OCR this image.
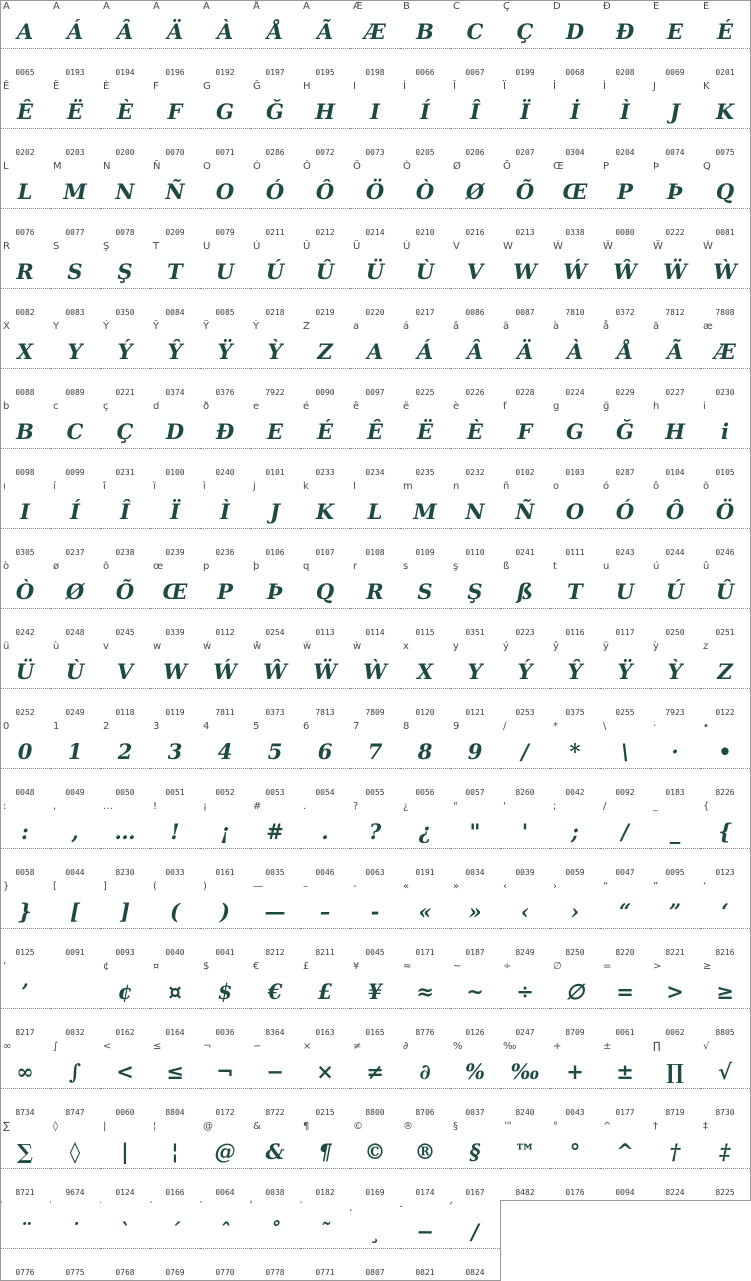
A
A
0065
Á
Á
0193
Â
Â
0194
Ä
Ä
0196
À
À
0192
Å
Å
0197
Ã
Ã
0195
Æ
Æ
0198
B
B
0066
C
C
0067
Ç
Ç
0199
D
D
0068
Ð
Ð
0208
E
E
0069
É
É
0201
Ê
Ê
0202
Ë
Ë
0203
È
È
0200
F
F
0070
G
G
0071
Ğ
Ğ
0286
H
H
0072
I
I
0073
Í
Í
0205
Î
Î
0206
Ï
Ï
0207
İ
İ
0304
Ì
Ì
0204
J
J
0074
K
K
0075
L
L
0076
M
M
0077
N
N
0078
Ñ
Ñ
0209
O
O
0079
Ó
Ó
0211
Ô
Ô
0212
Ö
Ö
0214
Ò
Ò
0210
Ø
Ø
0216
Õ
Õ
0213
Œ
Œ
0338
P
P
0080
Þ
Þ
0222
Q
Q
0081
R
R
0082
S
S
0083
Ş
Ş
0350
T
T
0084
U
U
0085
Ú
Ú
0218
Û
Û
0219
Ü
Ü
0220
Ù
Ù
0217
V
V
0086
W
W
0087
Ẃ
Ẃ
7810
Ŵ
Ŵ
0372
Ẅ
Ẅ
7812
Ẁ
Ẁ
7808
X
X
0088
Y
Y
0089
Ý
Ý
0221
Ŷ
Ŷ
0374
Ÿ
Ÿ
0376
Ỳ
Ỳ
7922
Z
Z
0090
a
A
0097
á
Á
0225
â
Â
0226
ä
Ä
0228
à
À
0224
å
Å
0229
ã
Ã
0227
æ
Æ
0230
b
B
0098
c
C
0099
ç
Ç
0231
d
D
0100
ð
Ð
0240
e
E
0101
é
É
0233
ê
Ê
0234
ë
Ë
0235
è
È
0232
f
F
0102
g
G
0103
ğ
Ğ
0287
h
H
0104
i
i
0105
ı
I
0305
í
Í
0237
î
Î
0238
ï
Ï
0239
ì
Ì
0236
j
J
0106
k
K
0107
l
L
0108
m
M
0109
n
N
0110
ñ
Ñ
0241
o
O
0111
ó
Ó
0243
ô
Ô
0244
ö
Ö
0246
ò
Ò
0242
ø
Ø
0248
õ
Õ
0245
œ
Œ
0339
p
P
0112
þ
Þ
0254
q
Q
0113
r
R
0114
s
S
0115
ş
Ş
0351
ß
ß
0223
t
T
0116
u
U
0117
ú
Ú
0250
û
Û
0251
ü
Ü
0252
ù
Ù
0249
v
V
0118
w
W
0119
ẃ
Ẃ
7811
ŵ
Ŵ
0373
ẅ
Ẅ
7813
ẁ
Ẁ
7809
x
X
0120
y
Y
0121
ý
Ý
0253
ŷ
Ŷ
0375
ÿ
Ÿ
0255
ỳ
Ỳ
7923
z
Z
0122
0
0
0048
1
1
0049
2
2
0050
3
3
0051
4
4
0052
5
5
0053
6
6
0054
7
7
0055
8
8
0056
9
9
0057
/
/
8260
*
*
0042
\
\
0092
·
·
0183
•
•
8226
:
:
0058
,
,
0044
…
…
8230
!
!
0033
¡
¡
0161
#
#
0035
.
.
0046
?
?
0063
¿
¿
0191
"
"
0034
'
'
0039
;
;
0059
/
/
0047
_
_
0095
{
{
0123
}
}
0125
[
[
0091
]
]
0093
(
(
0040
)
)
0041
—
—
8212
–
–
8211
-
-
0045
«
«
0171
»
»
0187
‹
‹
8249
›
›
8250
“
“
8220
”
”
8221
‘
‘
8216
’
’
8217	0032
¢
¢
0162
¤
¤
0164
$
$
0036
€
€
8364
£
£
0163
¥
¥
0165
≈
≈
8776
~
~
0126
÷
÷
0247
∅
∅
8709
=
=
0061
>
>
0062
≥
≥
8805
∞
∞
8734
∫
∫
8747
<
<
0060
≤
≤
8804
¬
¬
0172
−
−
8722
×
×
0215
≠
≠
8800
∂
∂
8706
%
%
0037
‰
‰
8240
+
+
0043
±
±
0177
∏
∏
8719
√
√
8730
∑
∑
8721
◊
◊
9674
|
|
0124
¦
¦
0166
@
@
0064
&
&
0038
¶
¶
0182
©
©
0169
®
®
0174
§
§
0167
™
™
8482
°
°
0176
^
^
0094
†
†
8224
‡
‡
8225
¨
0776
˙
0775
`
0768
´
0769
ˆ
0770
˚
0778
˜
0771
¸
0807
−
0821
/
0824
